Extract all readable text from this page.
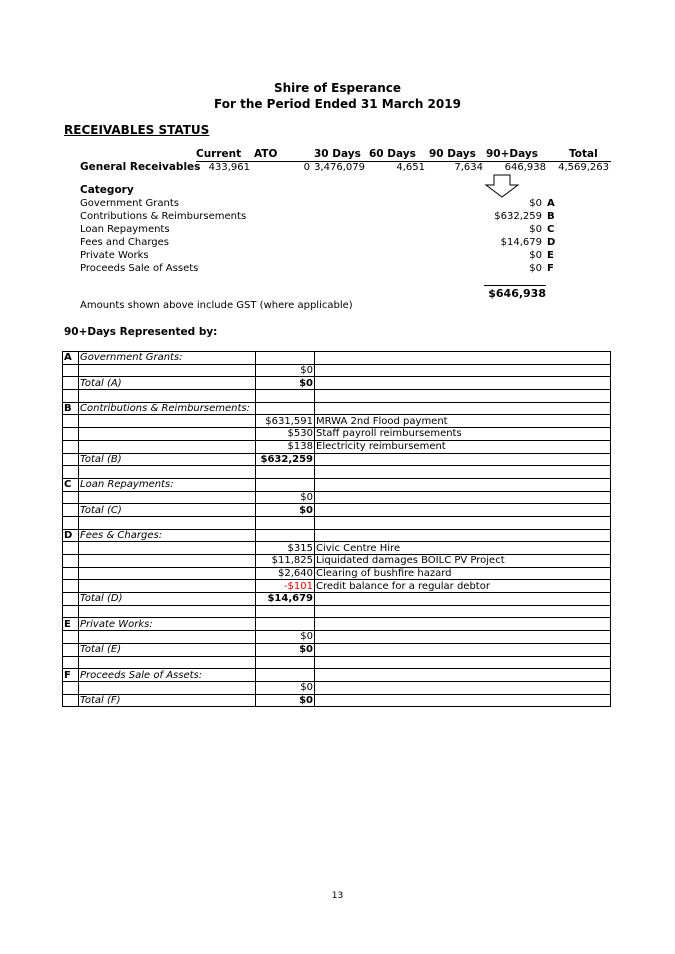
Shire of Esperance
For the Period Ended 31 March 2019
RECEIVABLES STATUS
Current ATO	30 Days 60 Days 90 Days 90+Days	Total
General Receivables 433,961	0 3,476,079	4,651	7,634	646,938 4,569,263
Category
Government Grants	$0 A
Contributions & Reimbursements	$632,259 B
Loan Repayments	$0 C
Fees and Charges	$14,679 D
Private Works	$0 E
Proceeds Sale of Assets	$0 F
$646,938
Amounts shown above include GST (where applicable)
90+Days Represented by:
A	Government Grants:		
		$0	
	Total (A)	$0	

B	Contributions & Reimbursements:		
		$631,591	MRWA 2nd Flood payment
		$530	Staff payroll reimbursements
		$138	Electricity reimbursement
	Total (B)	$632,259	

C	Loan Repayments:		
		$0	
	Total (C)	$0	

D	Fees & Charges:		
		$315	Civic Centre Hire
		$11,825	Liquidated damages BOILC PV Project
		$2,640	Clearing of bushfire hazard
		-$101	Credit balance for a regular debtor
	Total (D)	$14,679	

E	Private Works:		
		$0	
	Total (E)	$0	

F	Proceeds Sale of Assets:		
		$0	
	Total (F)	$0	
13
